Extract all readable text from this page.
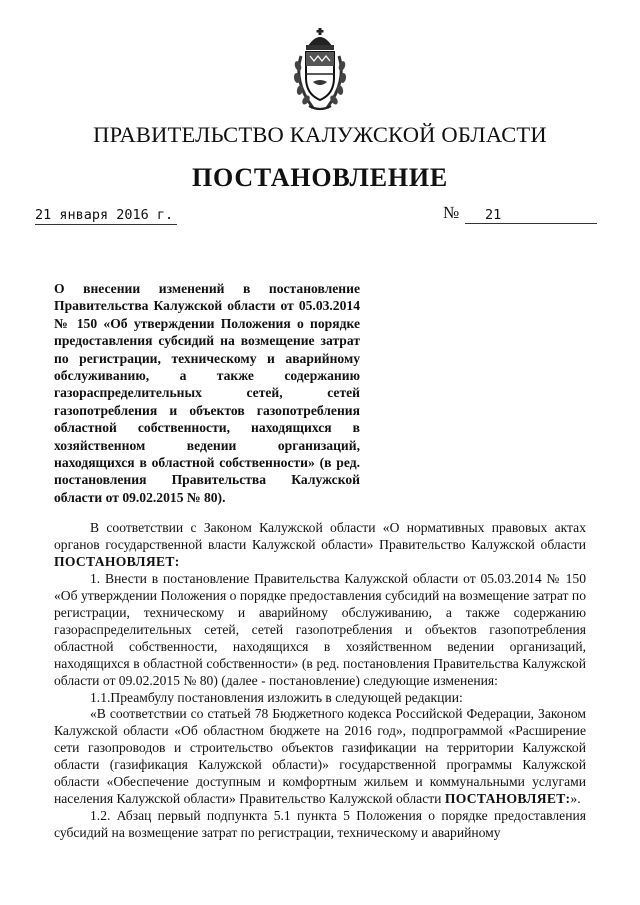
ПРАВИТЕЛЬСТВО КАЛУЖСКОЙ ОБЛАСТИ
ПОСТАНОВЛЕНИЕ
21 января 2016 г.	№	21
О внесении изменений в постановление Правительства Калужской области от 05.03.2014 № 150 «Об утверждении Положения о порядке предоставления субсидий на возмещение затрат по регистрации, техническому и аварийному обслуживанию, а также содержанию газораспределительных сетей, сетей газопотребления и объектов газопотребления областной собственности, находящихся в хозяйственном ведении организаций, находящихся в областной собственности» (в ред. постановления Правительства Калужской области от 09.02.2015 № 80).

В соответствии с Законом Калужской области «О нормативных правовых актах органов государственной власти Калужской области» Правительство Калужской области ПОСТАНОВЛЯЕТ:

1. Внести в постановление Правительства Калужской области от 05.03.2014 № 150 «Об утверждении Положения о порядке предоставления субсидий на возмещение затрат по регистрации, техническому и аварийному обслуживанию, а также содержанию газораспределительных сетей, сетей газопотребления и объектов газопотребления областной собственности, находящихся в хозяйственном ведении организаций, находящихся в областной собственности» (в ред. постановления Правительства Калужской области от 09.02.2015 № 80) (далее - постановление) следующие изменения:

1.1.Преамбулу постановления изложить в следующей редакции:

«В соответствии со статьей 78 Бюджетного кодекса Российской Федерации, Законом Калужской области «Об областном бюджете на 2016 год», подпрограммой «Расширение сети газопроводов и строительство объектов газификации на территории Калужской области (газификация Калужской области)» государственной программы Калужской области «Обеспечение доступным и комфортным жильем и коммунальными услугами населения Калужской области» Правительство Калужской области ПОСТАНОВЛЯЕТ:».

1.2. Абзац первый подпункта 5.1 пункта 5 Положения о порядке предоставления субсидий на возмещение затрат по регистрации, техническому и аварийному
